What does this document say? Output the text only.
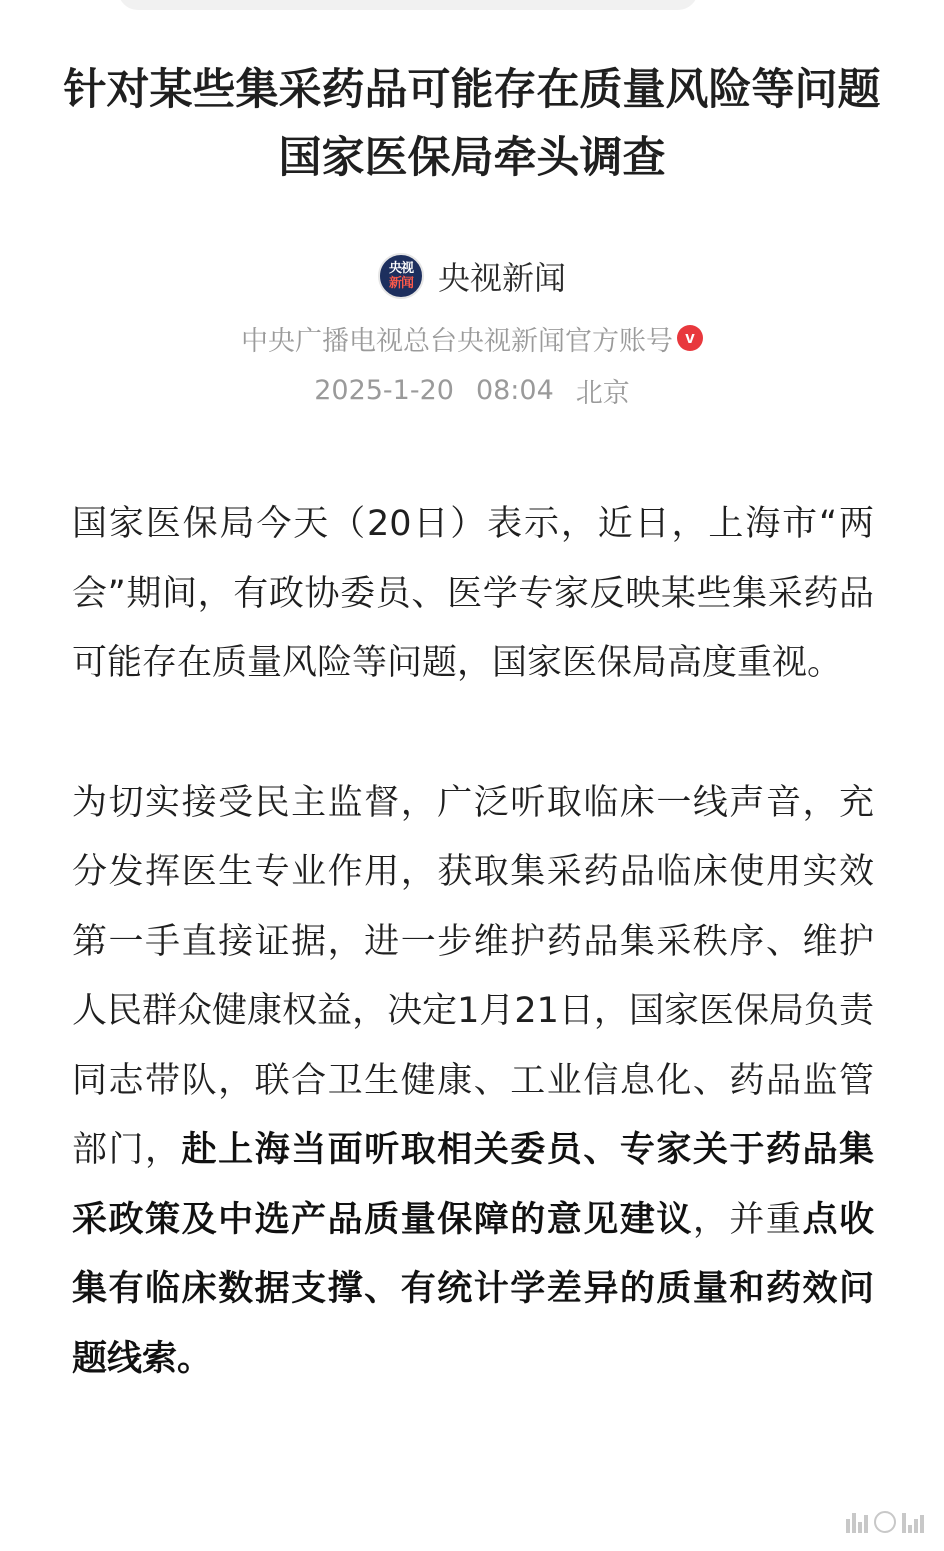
针对某些集采药品可能存在质量风险等问题 国家医保局牵头调查
央视
新闻 央视新闻
中央广播电视总台央视新闻官方账号 v
2025-1-20 08:04 北京

国家医保局今天（20日）表示，近日，上海市“两会”期间，有政协委员、医学专家反映某些集采药品可能存在质量风险等问题，国家医保局高度重视。

为切实接受民主监督，广泛听取临床一线声音，充分发挥医生专业作用，获取集采药品临床使用实效第一手直接证据，进一步维护药品集采秩序、维护人民群众健康权益，决定1月21日，国家医保局负责同志带队，联合卫生健康、工业信息化、药品监管部门，赴上海当面听取相关委员、专家关于药品集采政策及中选产品质量保障的意见建议，并重点收集有临床数据支撑、有统计学差异的质量和药效问题线索。
